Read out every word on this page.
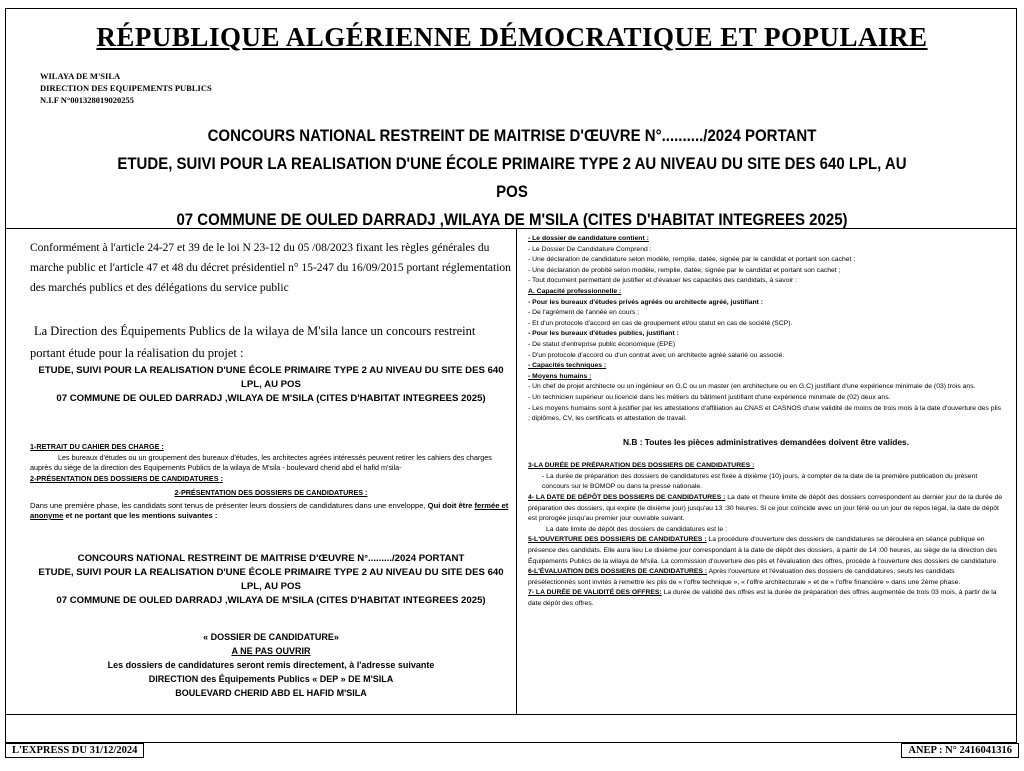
RÉPUBLIQUE ALGÉRIENNE DÉMOCRATIQUE ET POPULAIRE
WILAYA DE M'SILA
DIRECTION DES EQUIPEMENTS PUBLICS
N.I.F N°001328019020255
CONCOURS NATIONAL RESTREINT DE MAITRISE D'ŒUVRE N°........../2024 PORTANT
ETUDE, SUIVI POUR LA REALISATION D'UNE ÉCOLE PRIMAIRE TYPE 2 AU NIVEAU DU SITE DES 640 LPL, AU POS
07 COMMUNE DE OULED DARRADJ ,WILAYA DE M'SILA (CITES D'HABITAT INTEGREES 2025)

Conformément à l'article 24-27 et 39 de le loi N 23-12 du 05 /08/2023 fixant les règles générales du marche public et l'article 47 et 48 du décret présidentiel n° 15-247 du 16/09/2015 portant réglementation des marchés publics et des délégations du service public

La Direction des Équipements Publics de la wilaya de M'sila lance un concours restreint portant étude pour la réalisation du projet :

ETUDE, SUIVI POUR LA REALISATION D'UNE ÉCOLE PRIMAIRE TYPE 2 AU NIVEAU DU SITE DES 640 LPL, AU POS

07 COMMUNE DE OULED DARRADJ ,WILAYA DE M'SILA (CITES D'HABITAT INTEGREES 2025)

1-RETRAIT DU CAHIER DES CHARGE :

Les bureaux d'études ou un groupement des bureaux d'études, les architectes agrées intéressés peuvent retirer les cahiers des charges auprès du siège de la direction des Equipements Publics de la wilaya de M'sila - boulevard cherid abd el hafid m'sila-

2-PRÉSENTATION DES DOSSIERS DE CANDIDATURES :

2-PRÉSENTATION DES DOSSIERS DE CANDIDATURES :

Dans une première phase, les candidats sont tenus de présenter leurs dossiers de candidatures dans une enveloppe, Qui doit être fermée et anonyme et ne portant que les mentions suivantes :

CONCOURS NATIONAL RESTREINT DE MAITRISE D'ŒUVRE N°........./2024 PORTANT

ETUDE, SUIVI POUR LA REALISATION D'UNE ÉCOLE PRIMAIRE TYPE 2 AU NIVEAU DU SITE DES 640 LPL, AU POS

07 COMMUNE DE OULED DARRADJ ,WILAYA DE M'SILA (CITES D'HABITAT INTEGREES 2025)

« DOSSIER DE CANDIDATURE»

A NE PAS OUVRIR

Les dossiers de candidatures seront remis directement, à l'adresse suivante

DIRECTION des Équipements Publics « DEP » DE M'SILA

BOULEVARD CHERID ABD EL HAFID M'SILA

- Le dossier de candidature contient :

- Le Dossier De Candidature Comprend :

- Une déclaration de candidature selon modèle, remplie, datée, signée par le candidat et portant son cachet ;

- Une déclaration de probité selon modèle, remplie, datée, signée par le candidat et portant son cachet ;

- Tout document permettant de justifier et d'évaluer les capacités des candidats, à savoir :

A. Capacité professionnelle :

- Pour les bureaux d'études privés agréés ou architecte agréé, justifiant :

- De l'agrément de l'année en cours ;

- Et d'un protocole d'accord en cas de groupement et/ou statut en cas de société (SCP).

- Pour les bureaux d'études publics, justifiant :

- De statut d'entreprise public économique (EPE)

- D'un protocole d'accord ou d'un contrat avec un architecte agréé salarié ou associé.

- Capacités techniques :

- Moyens humains :

- Un chef de projet architecte ou un ingénieur en G.C ou un master (en architecture ou en G.C) justifiant d'une expérience minimale de (03) trois ans.

- Un technicien supérieur ou licencié dans les métiers du bâtiment justifiant d'une expérience minimale de (02) deux ans.

- Les moyens humains sont à justifier par les attestations d'affiliation au CNAS et CASNOS d'une validité de moins de trois mois à la date d'ouverture des plis ; diplômes, CV, les certificats et attestation de travail.

N.B : Toutes les pièces administratives demandées doivent être valides.

3-LA DURÉE DE PRÉPARATION DES DOSSIERS DE CANDIDATURES :

- La durée de préparation des dossiers de candidatures est fixée à dixième (10) jours, à compter de la date de la première publication du présent concours sur le BOMOP ou dans la presse nationale.

4- LA DATE DE DÉPÔT DES DOSSIERS DE CANDIDATURES : La date et l'heure limite de dépôt des dossiers correspondent au dernier jour de la durée de préparation des dossiers, qui expire (le dixième jour) jusqu'au 13 :30 heures. Si ce jour coïncide avec un jour férié ou un jour de repos légal, la date de dépôt est prorogée jusqu'au premier jour ouvrable suivant.

La date limite de dépôt des dossiers de candidatures est le :

5-L'OUVERTURE DES DOSSIERS DE CANDIDATURES : La procédure d'ouverture des dossiers de candidatures se déroulera en séance publique en présence des candidats. Elle aura lieu Le dixième jour correspondant à la date de dépôt des dossiers, à partir de 14 :00 heures, au siège de la direction des Équipements Publics de la wilaya de M'sila. La commission d'ouverture des plis et l'évaluation des offres, procède à l'ouverture des dossiers de candidature.

6-L'ÉVALUATION DES DOSSIERS DE CANDIDATURES : Après l'ouverture et l'évaluation des dossiers de candidatures, seuls les candidats présélectionnés sont invités à remettre les plis de « l'offre technique », « l'offre architecturale » et de « l'offre financière » dans une 2ème phase.

7- LA DURÉE DE VALIDITÉ DES OFFRES: La durée de validité des offres est la durée de préparation des offres augmentée de trois 03 mois, à partir de la date dépôt des offres.

L'EXPRESS DU 31/12/2024	ANEP : N° 2416041316
